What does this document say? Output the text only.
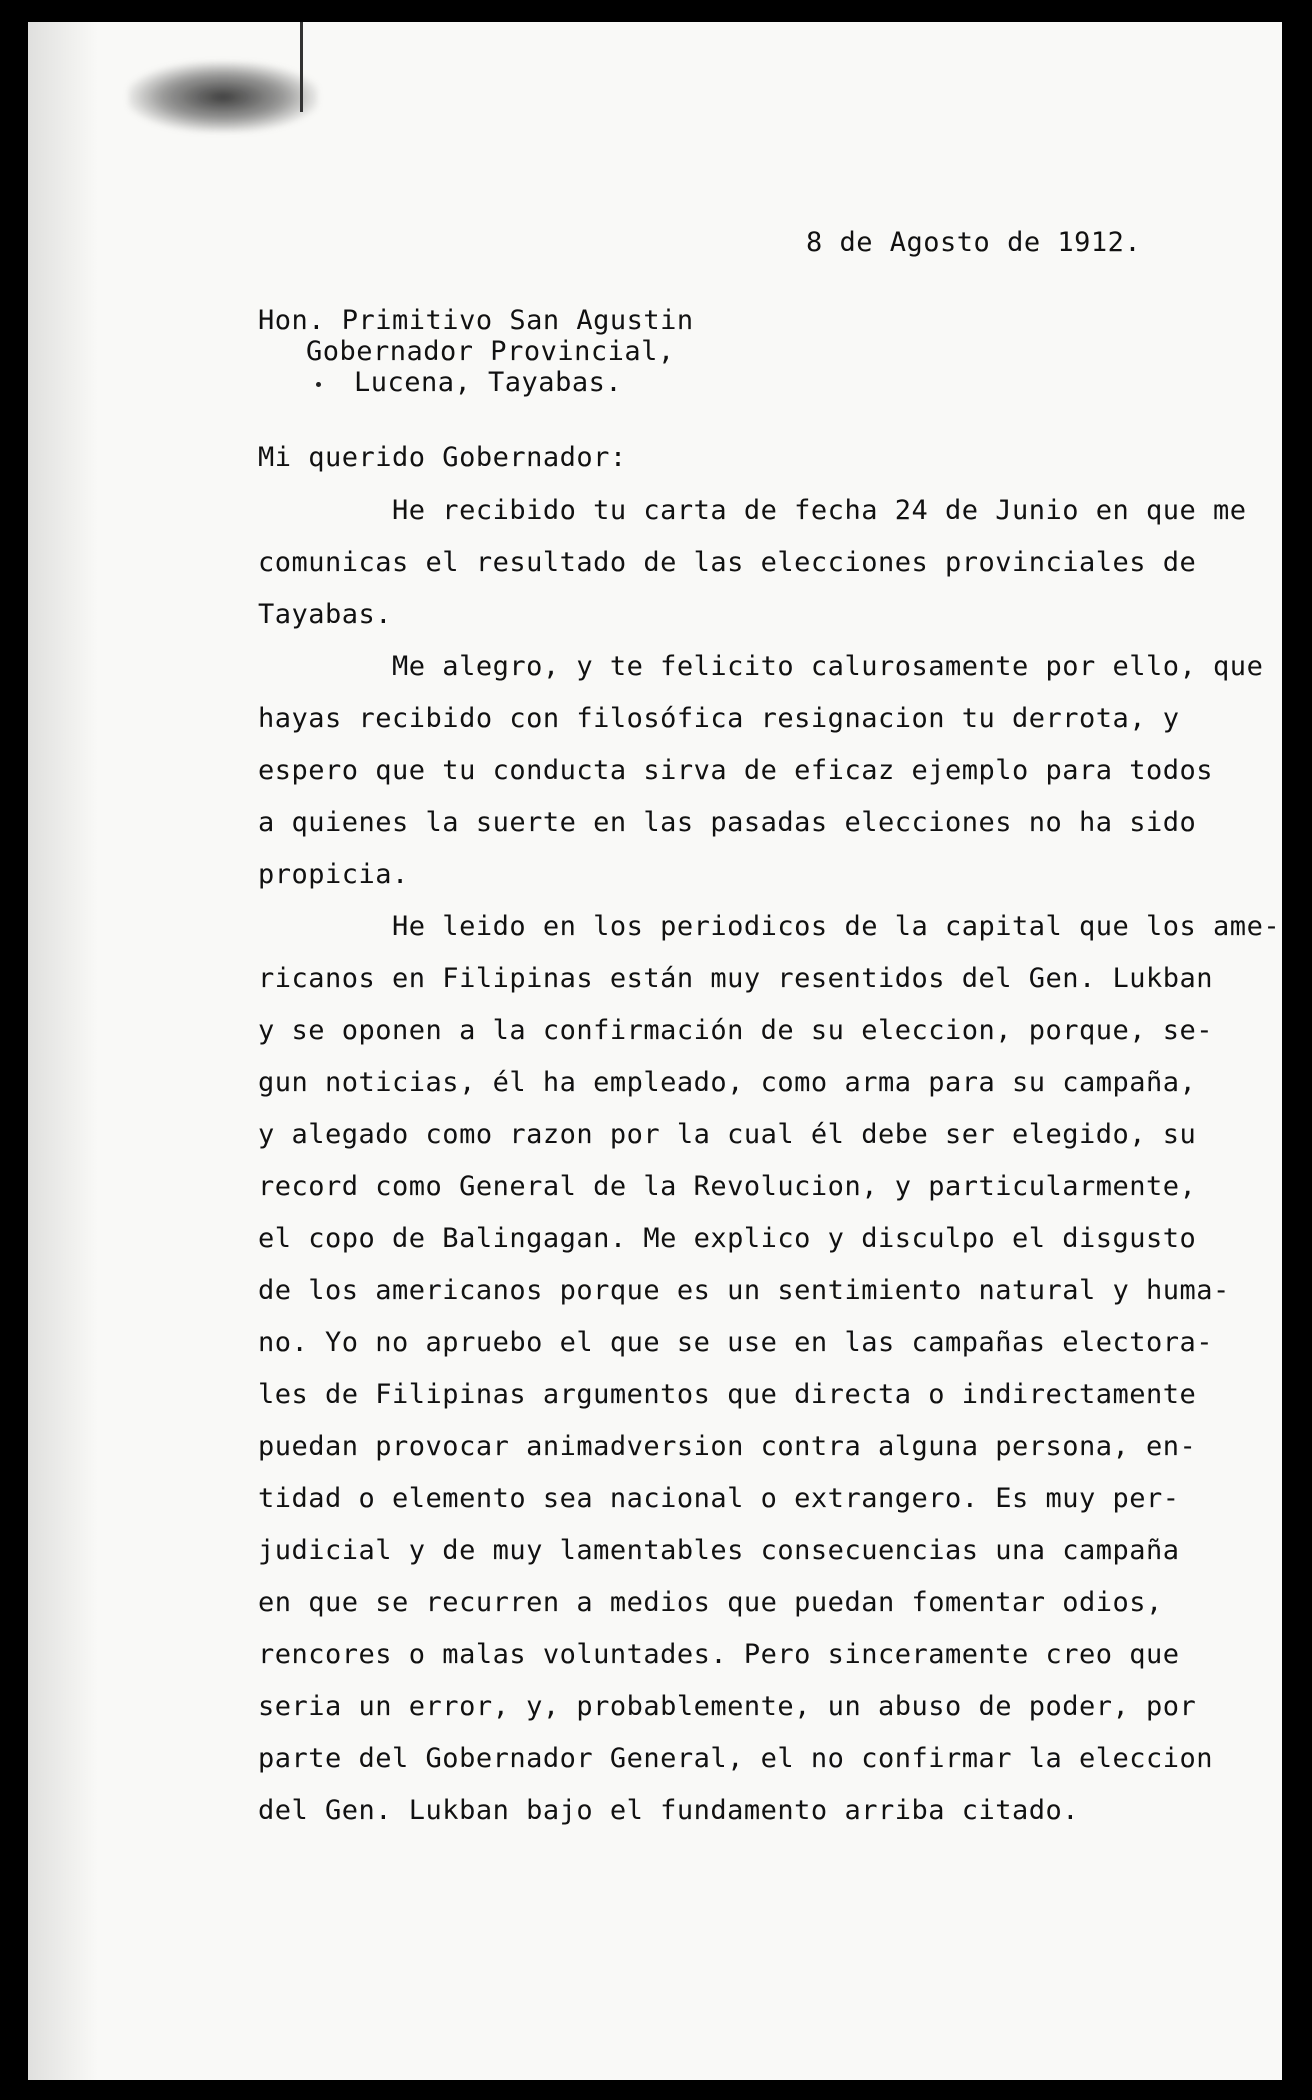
8 de Agosto de 1912.
Hon. Primitivo San Agustin
Gobernador Provincial,
Lucena, Tayabas.
Mi querido Gobernador:
He recibido tu carta de fecha 24 de Junio en que me
comunicas el resultado de las elecciones provinciales de
Tayabas.
Me alegro, y te felicito calurosamente por ello, que
hayas recibido con filosófica resignacion tu derrota, y
espero que tu conducta sirva de eficaz ejemplo para todos
a quienes la suerte en las pasadas elecciones no ha sido
propicia.
He leido en los periodicos de la capital que los ame-
ricanos en Filipinas están muy resentidos del Gen. Lukban
y se oponen a la confirmación de su eleccion, porque, se-
gun noticias, él ha empleado, como arma para su campaña,
y alegado como razon por la cual él debe ser elegido, su
record como General de la Revolucion, y particularmente,
el copo de Balingagan. Me explico y disculpo el disgusto
de los americanos porque es un sentimiento natural y huma-
no. Yo no apruebo el que se use en las campañas electora-
les de Filipinas argumentos que directa o indirectamente
puedan provocar animadversion contra alguna persona, en-
tidad o elemento sea nacional o extrangero. Es muy per-
judicial y de muy lamentables consecuencias una campaña
en que se recurren a medios que puedan fomentar odios,
rencores o malas voluntades. Pero sinceramente creo que
seria un error, y, probablemente, un abuso de poder, por
parte del Gobernador General, el no confirmar la eleccion
del Gen. Lukban bajo el fundamento arriba citado.
